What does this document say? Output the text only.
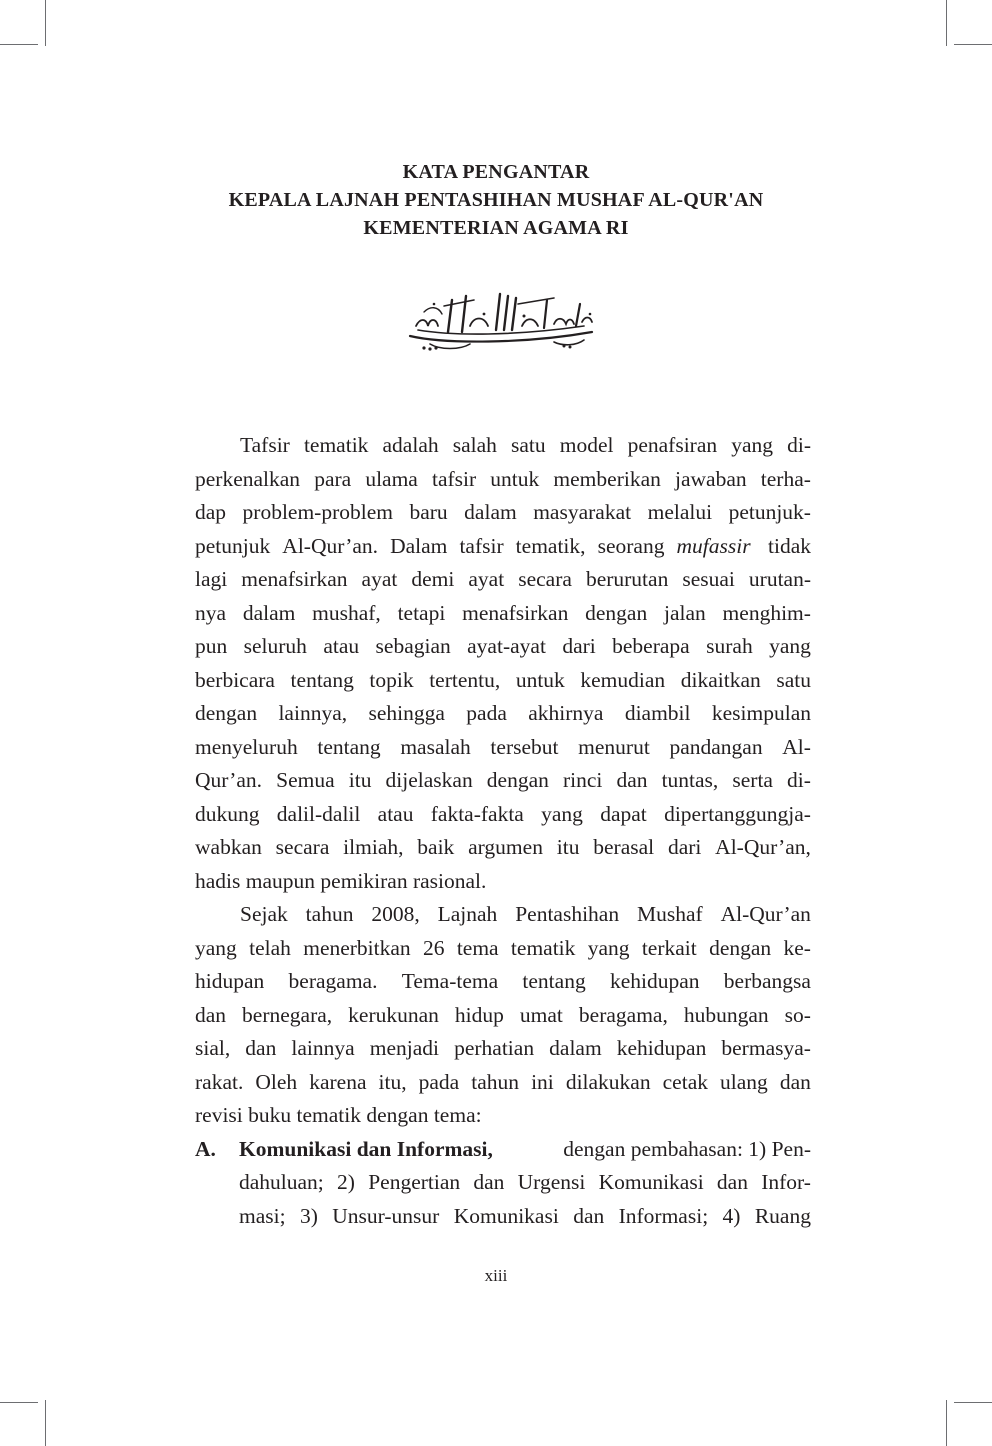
KATA PENGANTAR
KEPALA LAJNAH PENTASHIHAN MUSHAF AL-QUR'AN
KEMENTERIAN AGAMA RI
Tafsir tematik adalah salah satu model penafsiran yang di-
perkenalkan para ulama tafsir untuk memberikan jawaban terha-
dap problem-problem baru dalam masyarakat melalui petunjuk-
petunjuk Al-Qur’an. Dalam tafsir tematik, seorang mufassir tidak
lagi menafsirkan ayat demi ayat secara berurutan sesuai urutan-
nya dalam mushaf, tetapi menafsirkan dengan jalan menghim-
pun seluruh atau sebagian ayat-ayat dari beberapa surah yang
berbicara tentang topik tertentu, untuk kemudian dikaitkan satu
dengan lainnya, sehingga pada akhirnya diambil kesimpulan
menyeluruh tentang masalah tersebut menurut pandangan Al-
Qur’an. Semua itu dijelaskan dengan rinci dan tuntas, serta di-
dukung dalil-dalil atau fakta-fakta yang dapat dipertanggungja-
wabkan secara ilmiah, baik argumen itu berasal dari Al-Qur’an,
hadis maupun pemikiran rasional.
Sejak tahun 2008, Lajnah Pentashihan Mushaf Al-Qur’an
yang telah menerbitkan 26 tema tematik yang terkait dengan ke-
hidupan beragama. Tema-tema tentang kehidupan berbangsa
dan bernegara, kerukunan hidup umat beragama, hubungan so-
sial, dan lainnya menjadi perhatian dalam kehidupan bermasya-
rakat. Oleh karena itu, pada tahun ini dilakukan cetak ulang dan
revisi buku tematik dengan tema:
A.	Komunikasi dan Informasi,	dengan pembahasan: 1) Pen-
dahuluan; 2) Pengertian dan Urgensi Komunikasi dan Infor-
masi; 3) Unsur-unsur Komunikasi dan Informasi; 4) Ruang
xiii
